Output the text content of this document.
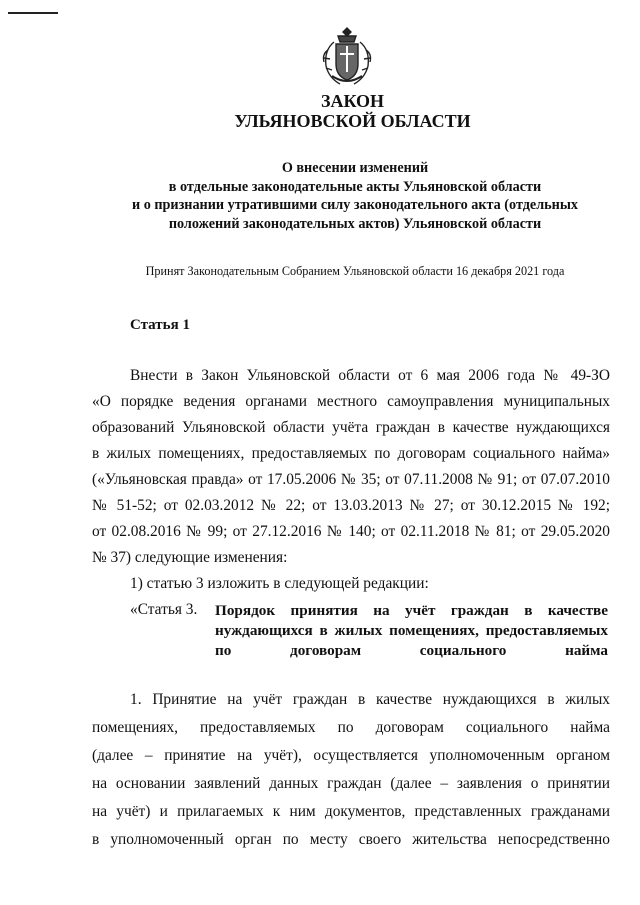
ЗАКОН
УЛЬЯНОВСКОЙ ОБЛАСТИ
О внесении изменений
в отдельные законодательные акты Ульяновской области
и о признании утратившими силу законодательного акта (отдельных
положений законодательных актов) Ульяновской области
Принят Законодательным Собранием Ульяновской области 16 декабря 2021 года
Статья 1
Внести в Закон Ульяновской области от 6 мая 2006 года № 49-ЗО
«О порядке ведения органами местного самоуправления муниципальных
образований Ульяновской области учёта граждан в качестве нуждающихся
в жилых помещениях, предоставляемых по договорам социального найма»
(«Ульяновская правда» от 17.05.2006 № 35; от 07.11.2008 № 91; от 07.07.2010
№ 51-52; от 02.03.2012 № 22; от 13.03.2013 № 27; от 30.12.2015 № 192;
от 02.08.2016 № 99; от 27.12.2016 № 140; от 02.11.2018 № 81; от 29.05.2020
№ 37) следующие изменения:
1) статью 3 изложить в следующей редакции:
«Статья 3. Порядок принятия на учёт граждан в качестве
нуждающихся в жилых помещениях, предоставляемых
по договорам социального найма
1. Принятие на учёт граждан в качестве нуждающихся в жилых
помещениях, предоставляемых по договорам социального найма
(далее – принятие на учёт), осуществляется уполномоченным органом
на основании заявлений данных граждан (далее – заявления о принятии
на учёт) и прилагаемых к ним документов, представленных гражданами
в уполномоченный орган по месту своего жительства непосредственно
